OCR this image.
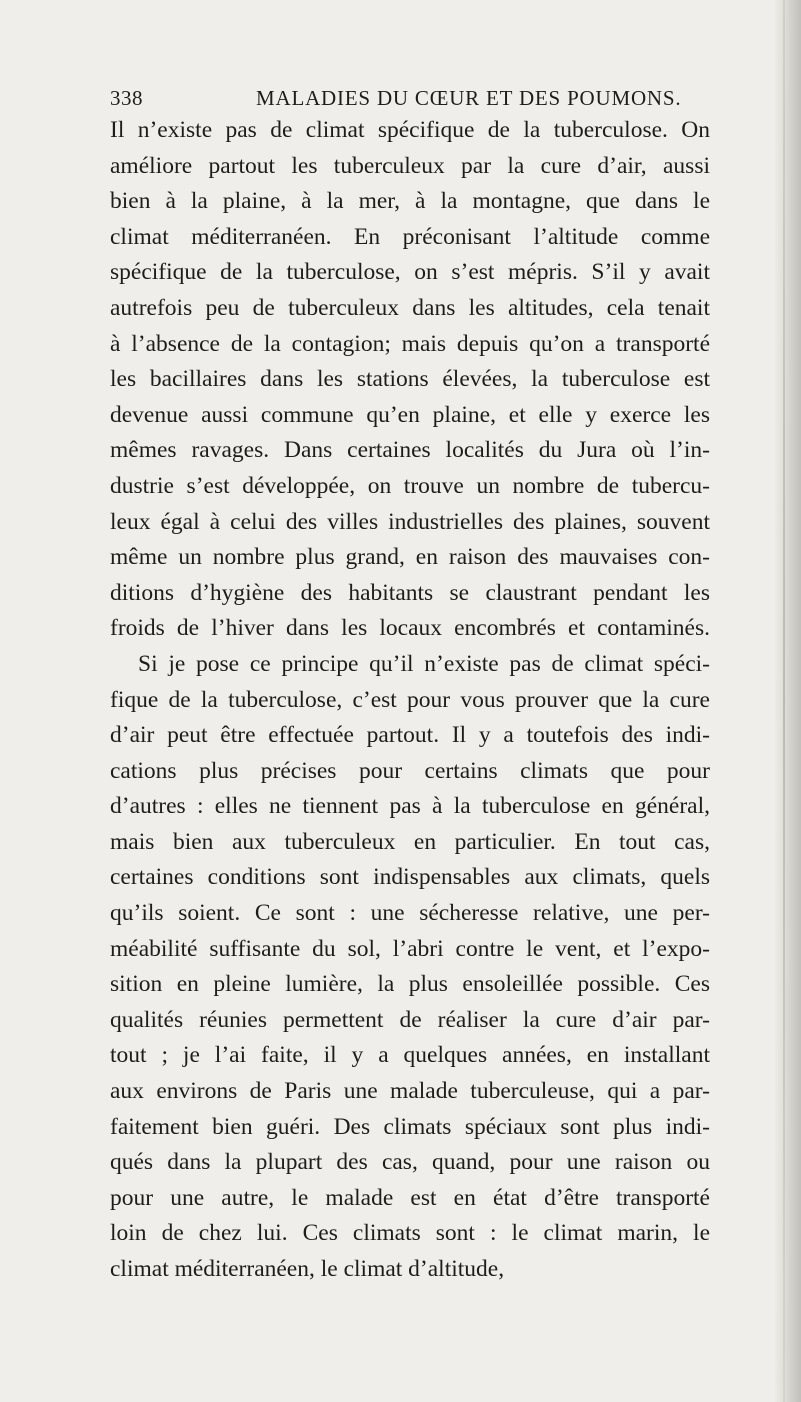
338	MALADIES DU CŒUR ET DES POUMONS.
Il n’existe pas de climat spécifique de la tuberculose. On
améliore partout les tuberculeux par la cure d’air, aussi
bien à la plaine, à la mer, à la montagne, que dans le
climat méditerranéen. En préconisant l’altitude comme
spécifique de la tuberculose, on s’est mépris. S’il y avait
autrefois peu de tuberculeux dans les altitudes, cela tenait
à l’absence de la contagion; mais depuis qu’on a transporté
les bacillaires dans les stations élevées, la tuberculose est
devenue aussi commune qu’en plaine, et elle y exerce les
mêmes ravages. Dans certaines localités du Jura où l’in-
dustrie s’est développée, on trouve un nombre de tubercu-
leux égal à celui des villes industrielles des plaines, souvent
même un nombre plus grand, en raison des mauvaises con-
ditions d’hygiène des habitants se claustrant pendant les
froids de l’hiver dans les locaux encombrés et contaminés.
Si je pose ce principe qu’il n’existe pas de climat spéci-
fique de la tuberculose, c’est pour vous prouver que la cure
d’air peut être effectuée partout. Il y a toutefois des indi-
cations plus précises pour certains climats que pour
d’autres : elles ne tiennent pas à la tuberculose en général,
mais bien aux tuberculeux en particulier. En tout cas,
certaines conditions sont indispensables aux climats, quels
qu’ils soient. Ce sont : une sécheresse relative, une per-
méabilité suffisante du sol, l’abri contre le vent, et l’expo-
sition en pleine lumière, la plus ensoleillée possible. Ces
qualités réunies permettent de réaliser la cure d’air par-
tout ; je l’ai faite, il y a quelques années, en installant
aux environs de Paris une malade tuberculeuse, qui a par-
faitement bien guéri. Des climats spéciaux sont plus indi-
qués dans la plupart des cas, quand, pour une raison ou
pour une autre, le malade est en état d’être transporté
loin de chez lui. Ces climats sont : le climat marin, le
climat méditerranéen, le climat d’altitude,
